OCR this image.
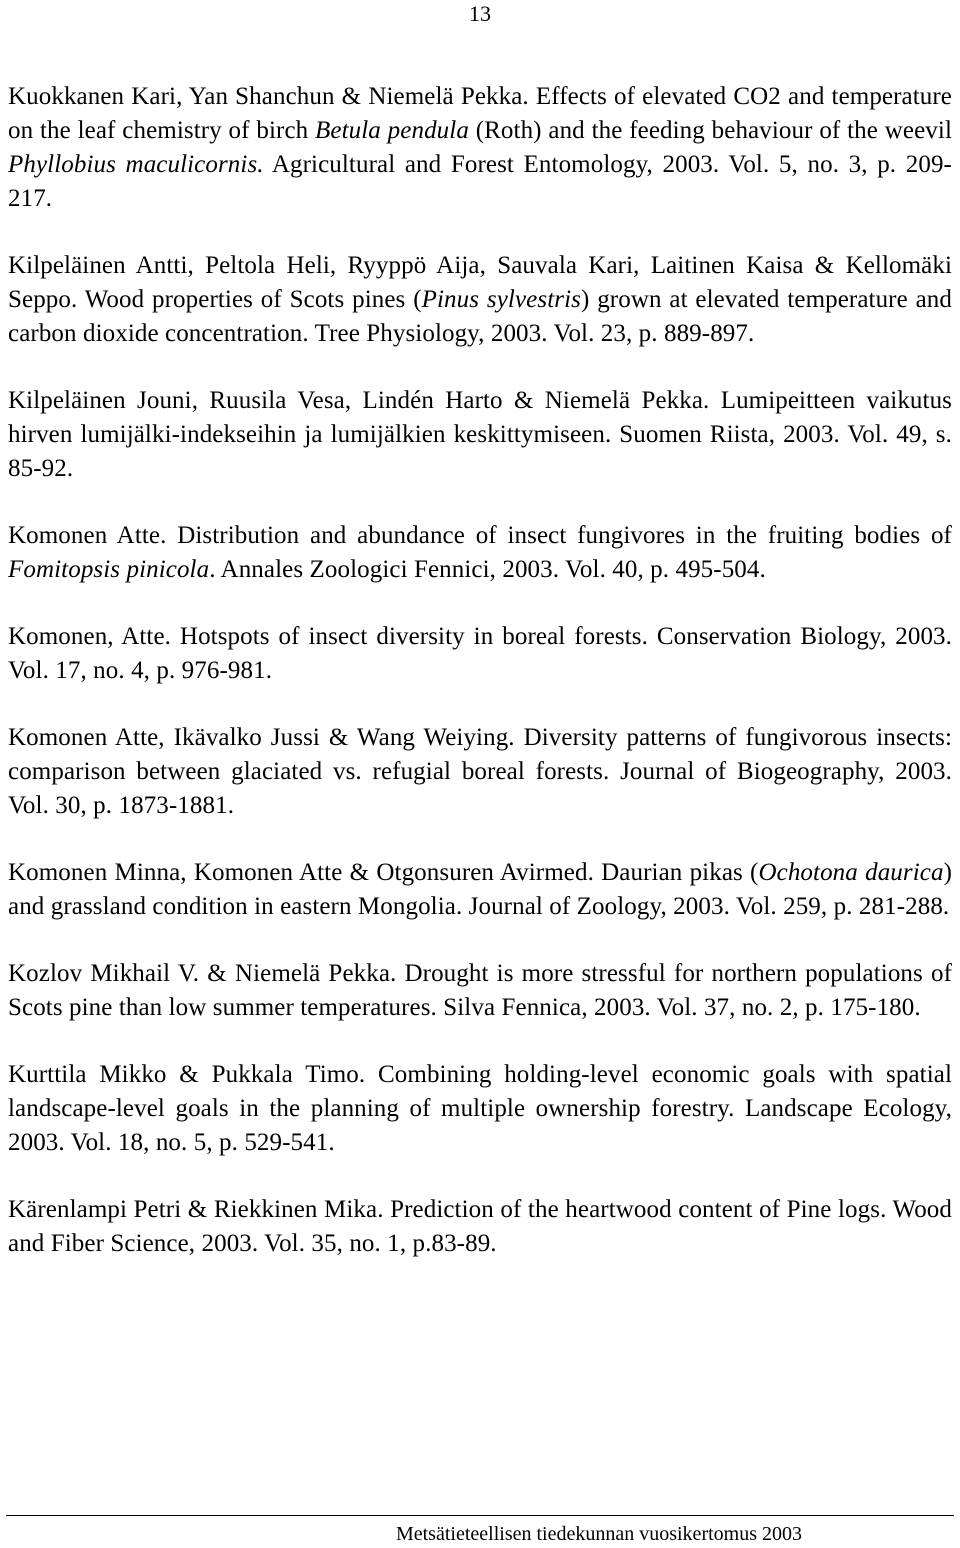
13

Kuokkanen Kari, Yan Shanchun & Niemelä Pekka. Effects of elevated CO2 and temperature on the leaf chemistry of birch Betula pendula (Roth) and the feeding behaviour of the weevil Phyllobius maculicornis. Agricultural and Forest Entomology, 2003. Vol. 5, no. 3, p. 209-217.

Kilpeläinen Antti, Peltola Heli, Ryyppö Aija, Sauvala Kari, Laitinen Kaisa & Kellomäki Seppo. Wood properties of Scots pines (Pinus sylvestris) grown at elevated temperature and carbon dioxide concentration. Tree Physiology, 2003. Vol. 23, p. 889-897.

Kilpeläinen Jouni, Ruusila Vesa, Lindén Harto & Niemelä Pekka. Lumipeitteen vaikutus hirven lumijälki-indekseihin ja lumijälkien keskittymiseen. Suomen Riista, 2003. Vol. 49, s. 85-92.

Komonen Atte. Distribution and abundance of insect fungivores in the fruiting bodies of Fomitopsis pinicola. Annales Zoologici Fennici, 2003. Vol. 40, p. 495-504.

Komonen, Atte. Hotspots of insect diversity in boreal forests. Conservation Biology, 2003. Vol. 17, no. 4, p. 976-981.

Komonen Atte, Ikävalko Jussi & Wang Weiying. Diversity patterns of fungivorous insects: comparison between glaciated vs. refugial boreal forests. Journal of Biogeography, 2003. Vol. 30, p. 1873-1881.

Komonen Minna, Komonen Atte & Otgonsuren Avirmed. Daurian pikas (Ochotona daurica) and grassland condition in eastern Mongolia. Journal of Zoology, 2003. Vol. 259, p. 281-288.

Kozlov Mikhail V. & Niemelä Pekka. Drought is more stressful for northern populations of Scots pine than low summer temperatures. Silva Fennica, 2003. Vol. 37, no. 2, p. 175-180.

Kurttila Mikko & Pukkala Timo. Combining holding-level economic goals with spatial landscape-level goals in the planning of multiple ownership forestry. Landscape Ecology, 2003. Vol. 18, no. 5, p. 529-541.

Kärenlampi Petri & Riekkinen Mika. Prediction of the heartwood content of Pine logs. Wood and Fiber Science, 2003. Vol. 35, no. 1, p.83-89.

Metsätieteellisen tiedekunnan vuosikertomus 2003
